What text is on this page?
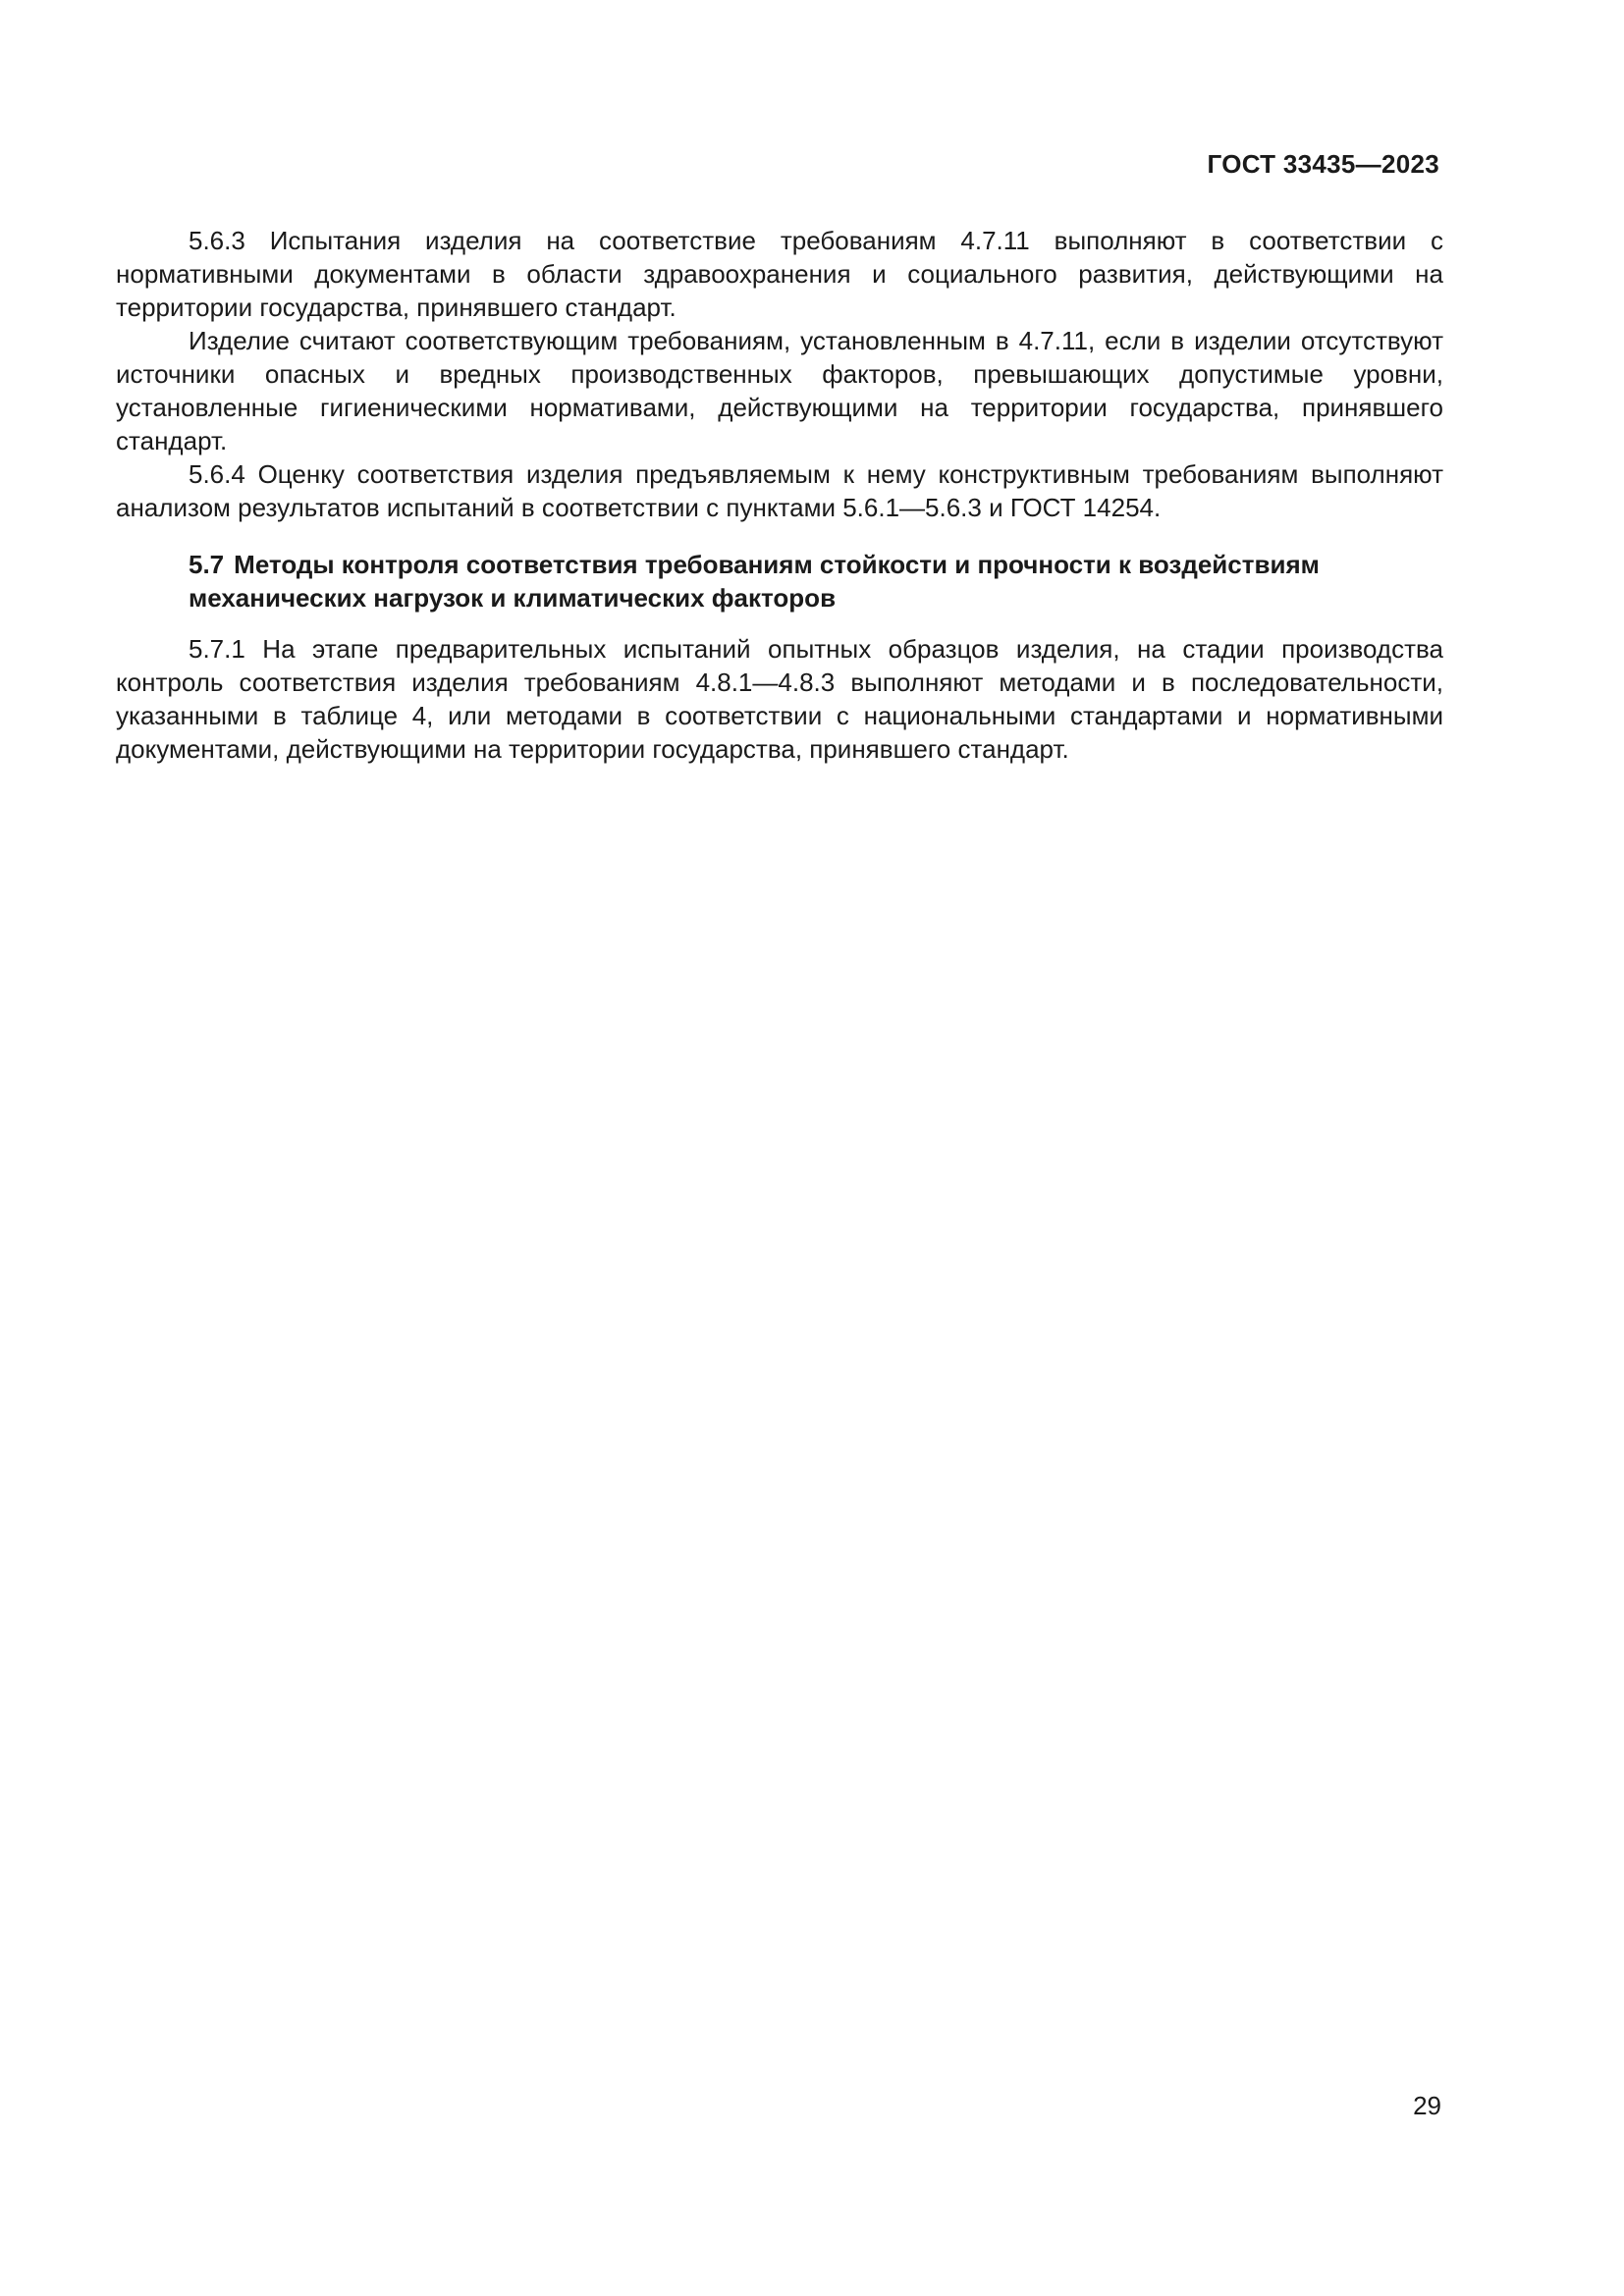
ГОСТ 33435—2023

5.6.3 Испытания изделия на соответствие требованиям 4.7.11 выполняют в соответствии с нормативными документами в области здравоохранения и социального развития, действующими на территории государства, принявшего стандарт.

Изделие считают соответствующим требованиям, установленным в 4.7.11, если в изделии отсутствуют источники опасных и вредных производственных факторов, превышающих допустимые уровни, установленные гигиеническими нормативами, действующими на территории государства, принявшего стандарт.

5.6.4 Оценку соответствия изделия предъявляемым к нему конструктивным требованиям выполняют анализом результатов испытаний в соответствии с пунктами 5.6.1—5.6.3 и ГОСТ 14254.

5.7 Методы контроля соответствия требованиям стойкости и прочности к воздействиям механических нагрузок и климатических факторов

5.7.1 На этапе предварительных испытаний опытных образцов изделия, на стадии производства контроль соответствия изделия требованиям 4.8.1—4.8.3 выполняют методами и в последовательности, указанными в таблице 4, или методами в соответствии с национальными стандартами и нормативными документами, действующими на территории государства, принявшего стандарт.

29
